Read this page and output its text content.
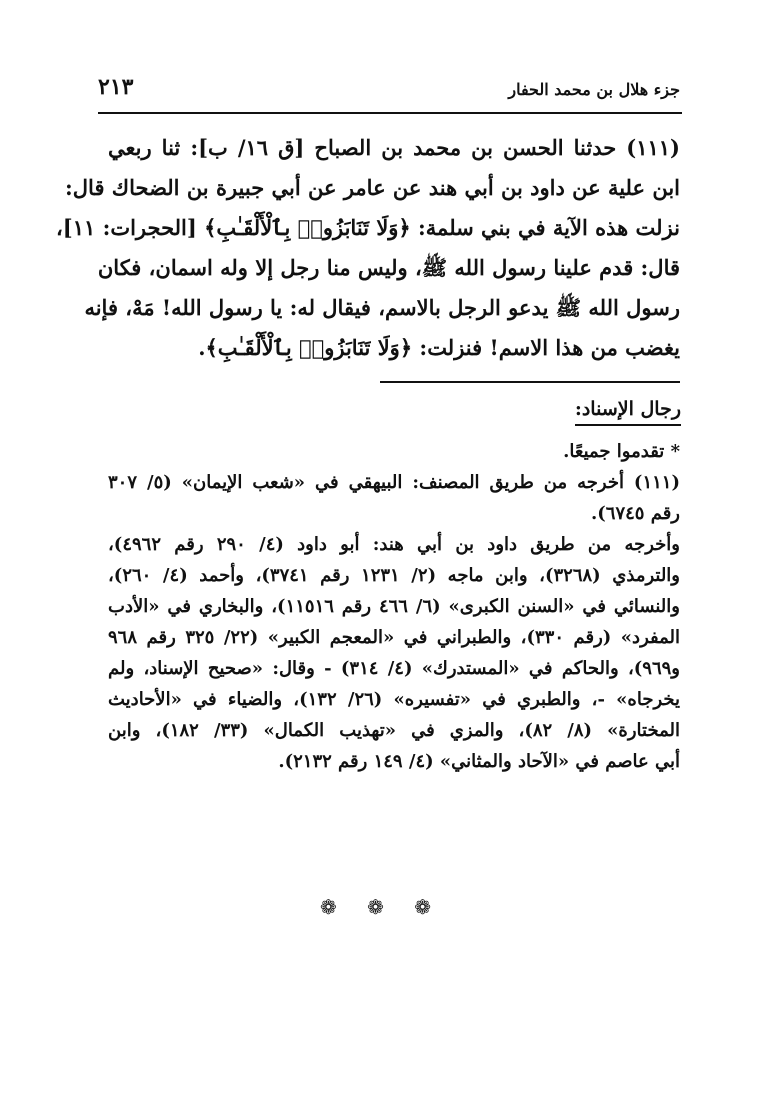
٢١٣	جزء هلال بن محمد الحفار
(١١١) حدثنا الحسن بن محمد بن الصباح [ق ١٦/ ب]: ثنا ربعي
ابن علية عن داود بن أبي هند عن عامر عن أبي جبيرة بن الضحاك قال:
نزلت هذه الآية في بني سلمة: ﴿وَلَا تَنَابَزُوا۟ بِٱلْأَلْقَـٰبِ﴾ [الحجرات: ١١]،
قال: قدم علينا رسول الله ﷺ، وليس منا رجل إلا وله اسمان، فكان
رسول الله ﷺ يدعو الرجل بالاسم، فيقال له: يا رسول الله! مَهْ، فإنه
يغضب من هذا الاسم! فنزلت: ﴿وَلَا تَنَابَزُوا۟ بِٱلْأَلْقَـٰبِ﴾.
رجال الإسناد:
* تقدموا جميعًا.
(١١١) أخرجه من طريق المصنف: البيهقي في «شعب الإيمان» (٥/ ٣٠٧
رقم ٦٧٤٥).
وأخرجه من طريق داود بن أبي هند: أبو داود (٤/ ٢٩٠ رقم ٤٩٦٢)،
والترمذي (٣٢٦٨)، وابن ماجه (٢/ ١٢٣١ رقم ٣٧٤١)، وأحمد (٤/ ٢٦٠)،
والنسائي في «السنن الكبرى» (٦/ ٤٦٦ رقم ١١٥١٦)، والبخاري في «الأدب
المفرد» (رقم ٣٣٠)، والطبراني في «المعجم الكبير» (٢٢/ ٣٢٥ رقم ٩٦٨
و٩٦٩)، والحاكم في «المستدرك» (٤/ ٣١٤) - وقال: «صحيح الإسناد، ولم
يخرجاه» -، والطبري في «تفسيره» (٢٦/ ١٣٢)، والضياء في «الأحاديث
المختارة» (٨/ ٨٢)، والمزي في «تهذيب الكمال» (٣٣/ ١٨٢)، وابن
أبي عاصم في «الآحاد والمثاني» (٤/ ١٤٩ رقم ٢١٣٢).
❁ ❁ ❁
